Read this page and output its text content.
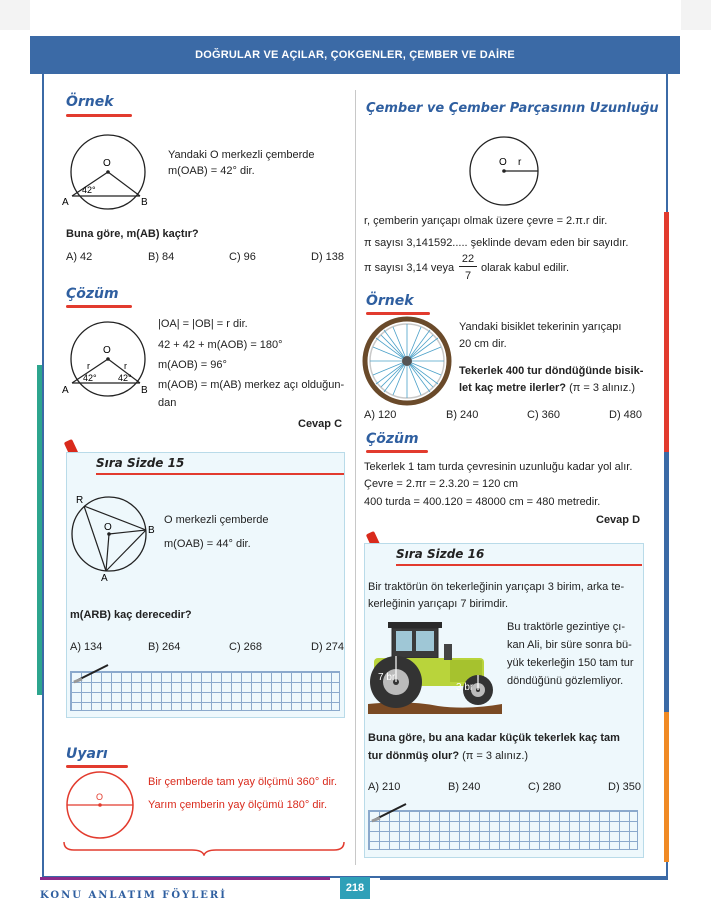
DOĞRULAR VE AÇILAR, ÇOKGENLER, ÇEMBER VE DAİRE
Örnek
O
42°
A	B
Yandaki O merkezli çemberde
m(OAB) = 42° dir.
Buna göre, m(AB) kaçtır?
A) 42	B) 84	C) 96	D) 138
Çözüm
O
r	r
42° 42°
A	B
|OA| = |OB| = r dir.
42 + 42 + m(AOB) = 180°
m(AOB) = 96°
m(AOB) = m(AB) merkez açı olduğun-
dan
Cevap C
Sıra Sizde 15
R
O	B
A
O merkezli çemberde
m(OAB) = 44° dir.
m(ARB) kaç derecedir?
A) 134	B) 264	C) 268	D) 274
Uyarı
O
Bir çemberde tam yay ölçümü 360° dir.
Yarım çemberin yay ölçümü 180° dir.
Çember ve Çember Parçasının Uzunluğu
O r
r, çemberin yarıçapı olmak üzere çevre = 2.π.r dir.
π sayısı 3,141592..... şeklinde devam eden bir sayıdır.
π sayısı 3,14 veya
22
7
olarak kabul edilir.
Örnek
Yandaki bisiklet tekerinin yarıçapı
20 cm dir.
Tekerlek 400 tur döndüğünde bisik-
let kaç metre ilerler? (π = 3 alınız.)
A) 120	B) 240	C) 360	D) 480
Çözüm
Tekerlek 1 tam turda çevresinin uzunluğu kadar yol alır.
Çevre = 2.πr = 2.3.20 = 120 cm
400 turda = 400.120 = 48000 cm = 480 metredir.
Cevap D
Sıra Sizde 16
Bir traktörün ön tekerleğinin yarıçapı 3 birim, arka te-
kerleğinin yarıçapı 7 birimdir.
7 br
3 br
Bu traktörle gezintiye çı-
kan Ali, bir süre sonra bü-
yük tekerleğin 150 tam tur
döndüğünü gözlemliyor.
Buna göre, bu ana kadar küçük tekerlek kaç tam
tur dönmüş olur? (π = 3 alınız.)
A) 210	B) 240	C) 280	D) 350
218
KONU ANLATIM FÖYLERİ
